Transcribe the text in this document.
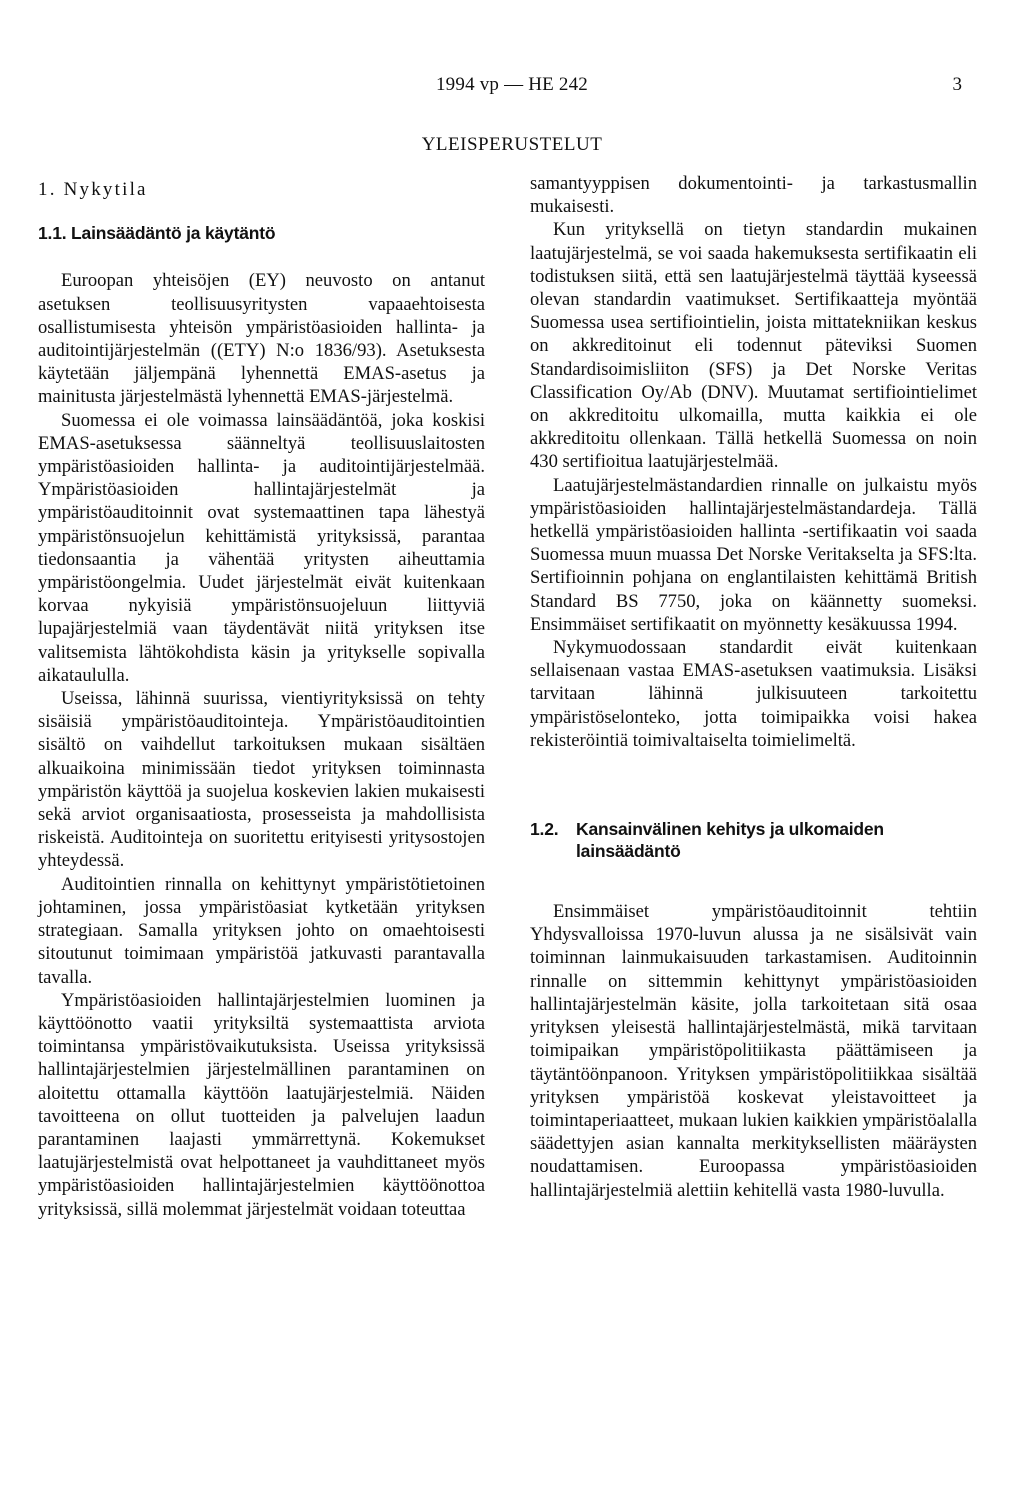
1994 vp — HE 242	3
YLEISPERUSTELUT
1. Nykytila
1.1. Lainsäädäntö ja käytäntö

Euroopan yhteisöjen (EY) neuvosto on antanut asetuksen teollisuusyritysten vapaaehtoisesta osallistumisesta yhteisön ympäristöasioiden hallinta- ja auditointijärjestelmän ((ETY) N:o 1836/93). Asetuksesta käytetään jäljempänä lyhennettä EMAS-asetus ja mainitusta järjestelmästä lyhennettä EMAS-järjestelmä.

Suomessa ei ole voimassa lainsäädäntöä, joka koskisi EMAS-asetuksessa säänneltyä teollisuuslaitosten ympäristöasioiden hallinta- ja auditointijärjestelmää. Ympäristöasioiden hallintajärjestelmät ja ympäristöauditoinnit ovat systemaattinen tapa lähestyä ympäristönsuojelun kehittämistä yrityksissä, parantaa tiedonsaantia ja vähentää yritysten aiheuttamia ympäristöongelmia. Uudet järjestelmät eivät kuitenkaan korvaa nykyisiä ympäristönsuojeluun liittyviä lupajärjestelmiä vaan täydentävät niitä yrityksen itse valitsemista lähtökohdista käsin ja yritykselle sopivalla aikataululla.

Useissa, lähinnä suurissa, vientiyrityksissä on tehty sisäisiä ympäristöauditointeja. Ympäristöauditointien sisältö on vaihdellut tarkoituksen mukaan sisältäen alkuaikoina minimissään tiedot yrityksen toiminnasta ympäristön käyttöä ja suojelua koskevien lakien mukaisesti sekä arviot organisaatiosta, prosesseista ja mahdollisista riskeistä. Auditointeja on suoritettu erityisesti yritysostojen yhteydessä.

Auditointien rinnalla on kehittynyt ympäristötietoinen johtaminen, jossa ympäristöasiat kytketään yrityksen strategiaan. Samalla yrityksen johto on omaehtoisesti sitoutunut toimimaan ympäristöä jatkuvasti parantavalla tavalla.

Ympäristöasioiden hallintajärjestelmien luominen ja käyttöönotto vaatii yrityksiltä systemaattista arviota toimintansa ympäristövaikutuksista. Useissa yrityksissä hallintajärjestelmien järjestelmällinen parantaminen on aloitettu ottamalla käyttöön laatujärjestelmiä. Näiden tavoitteena on ollut tuotteiden ja palvelujen laadun parantaminen laajasti ymmärrettynä. Kokemukset laatujärjestelmistä ovat helpottaneet ja vauhdittaneet myös ympäristöasioiden hallintajärjestelmien käyttöönottoa yrityksissä, sillä molemmat järjestelmät voidaan toteuttaa

samantyyppisen dokumentointi- ja tarkastusmallin mukaisesti.

Kun yrityksellä on tietyn standardin mukainen laatujärjestelmä, se voi saada hakemuksesta sertifikaatin eli todistuksen siitä, että sen laatujärjestelmä täyttää kyseessä olevan standardin vaatimukset. Sertifikaatteja myöntää Suomessa usea sertifiointielin, joista mittatekniikan keskus on akkreditoinut eli todennut päteviksi Suomen Standardisoimisliiton (SFS) ja Det Norske Veritas Classification Oy/Ab (DNV). Muutamat sertifiointielimet on akkreditoitu ulkomailla, mutta kaikkia ei ole akkreditoitu ollenkaan. Tällä hetkellä Suomessa on noin 430 sertifioitua laatujärjestelmää.

Laatujärjestelmästandardien rinnalle on julkaistu myös ympäristöasioiden hallintajärjestelmästandardeja. Tällä hetkellä ympäristöasioiden hallinta -sertifikaatin voi saada Suomessa muun muassa Det Norske Veritakselta ja SFS:lta. Sertifioinnin pohjana on englantilaisten kehittämä British Standard BS 7750, joka on käännetty suomeksi. Ensimmäiset sertifikaatit on myönnetty kesäkuussa 1994.

Nykymuodossaan standardit eivät kuitenkaan sellaisenaan vastaa EMAS-asetuksen vaatimuksia. Lisäksi tarvitaan lähinnä julkisuuteen tarkoitettu ympäristöselonteko, jotta toimipaikka voisi hakea rekisteröintiä toimivaltaiselta toimielimeltä.

1.2.	Kansainvälinen kehitys ja ulkomaiden lainsäädäntö

Ensimmäiset ympäristöauditoinnit tehtiin Yhdysvalloissa 1970-luvun alussa ja ne sisälsivät vain toiminnan lainmukaisuuden tarkastamisen. Auditoinnin rinnalle on sittemmin kehittynyt ympäristöasioiden hallintajärjestelmän käsite, jolla tarkoitetaan sitä osaa yrityksen yleisestä hallintajärjestelmästä, mikä tarvitaan toimipaikan ympäristöpolitiikasta päättämiseen ja täytäntöönpanoon. Yrityksen ympäristöpolitiikkaa sisältää yrityksen ympäristöä koskevat yleistavoitteet ja toimintaperiaatteet, mukaan lukien kaikkien ympäristöalalla säädettyjen asian kannalta merkityksellisten määräysten noudattamisen. Euroopassa ympäristöasioiden hallintajärjestelmiä alettiin kehitellä vasta 1980-luvulla.
